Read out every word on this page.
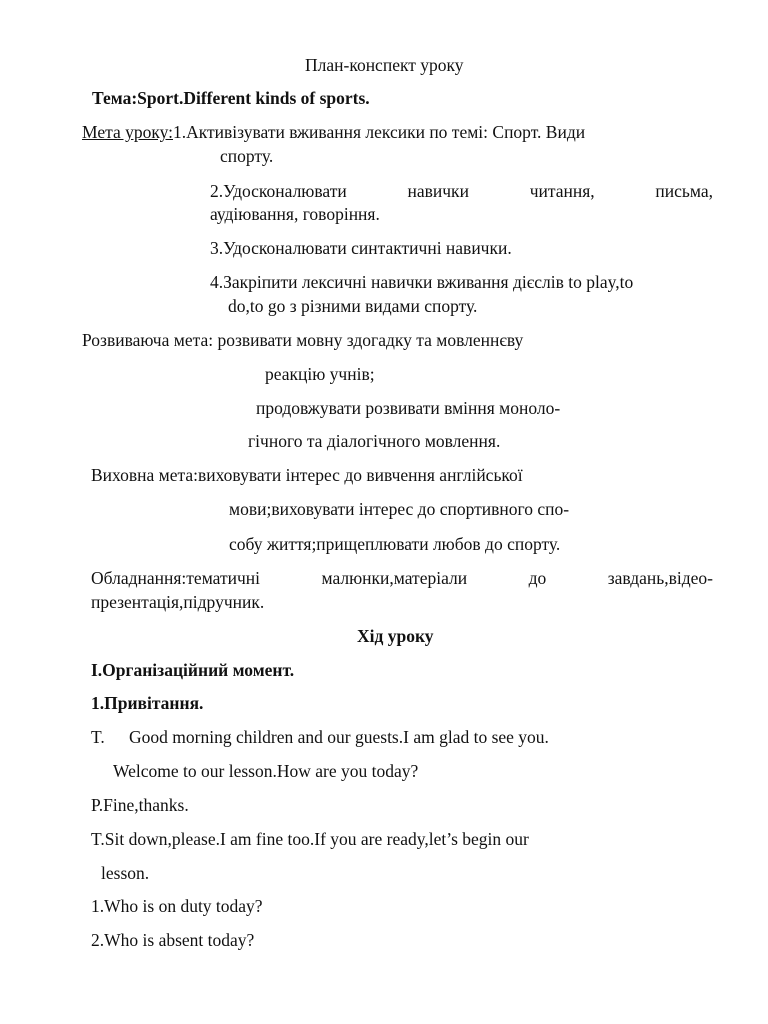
План-конспект уроку
Тема:Sport.Different kinds of sports.
Мета уроку:1.Активізувати вживання лексики по темі: Спорт. Види
спорту.
2.Удосконалювати	навички	читання,	письма,
аудіювання, говоріння.
3.Удосконалювати синтактичні навички.
4.Закріпити лексичні навички вживання дієслів to play,to
do,to go з різними видами спорту.
Розвиваюча мета: розвивати мовну здогадку та мовленнєву
реакцію учнів;
продовжувати розвивати вміння моноло-
гічного та діалогічного мовлення.
Виховна мета:виховувати інтерес до вивчення англійської
мови;виховувати інтерес до спортивного спо-
собу життя;прищеплювати любов до спорту.
Обладнання:тематичні	малюнки,матеріали	до	завдань,відео-
презентація,підручник.
Хід уроку
I.Організаційний момент.
1.Привітання.
T. Good morning children and our guests.I am glad to see you.
Welcome to our lesson.How are you today?
P.Fine,thanks.
T.Sit down,please.I am fine too.If you are ready,let’s begin our
lesson.
1.Who is on duty today?
2.Who is absent today?
